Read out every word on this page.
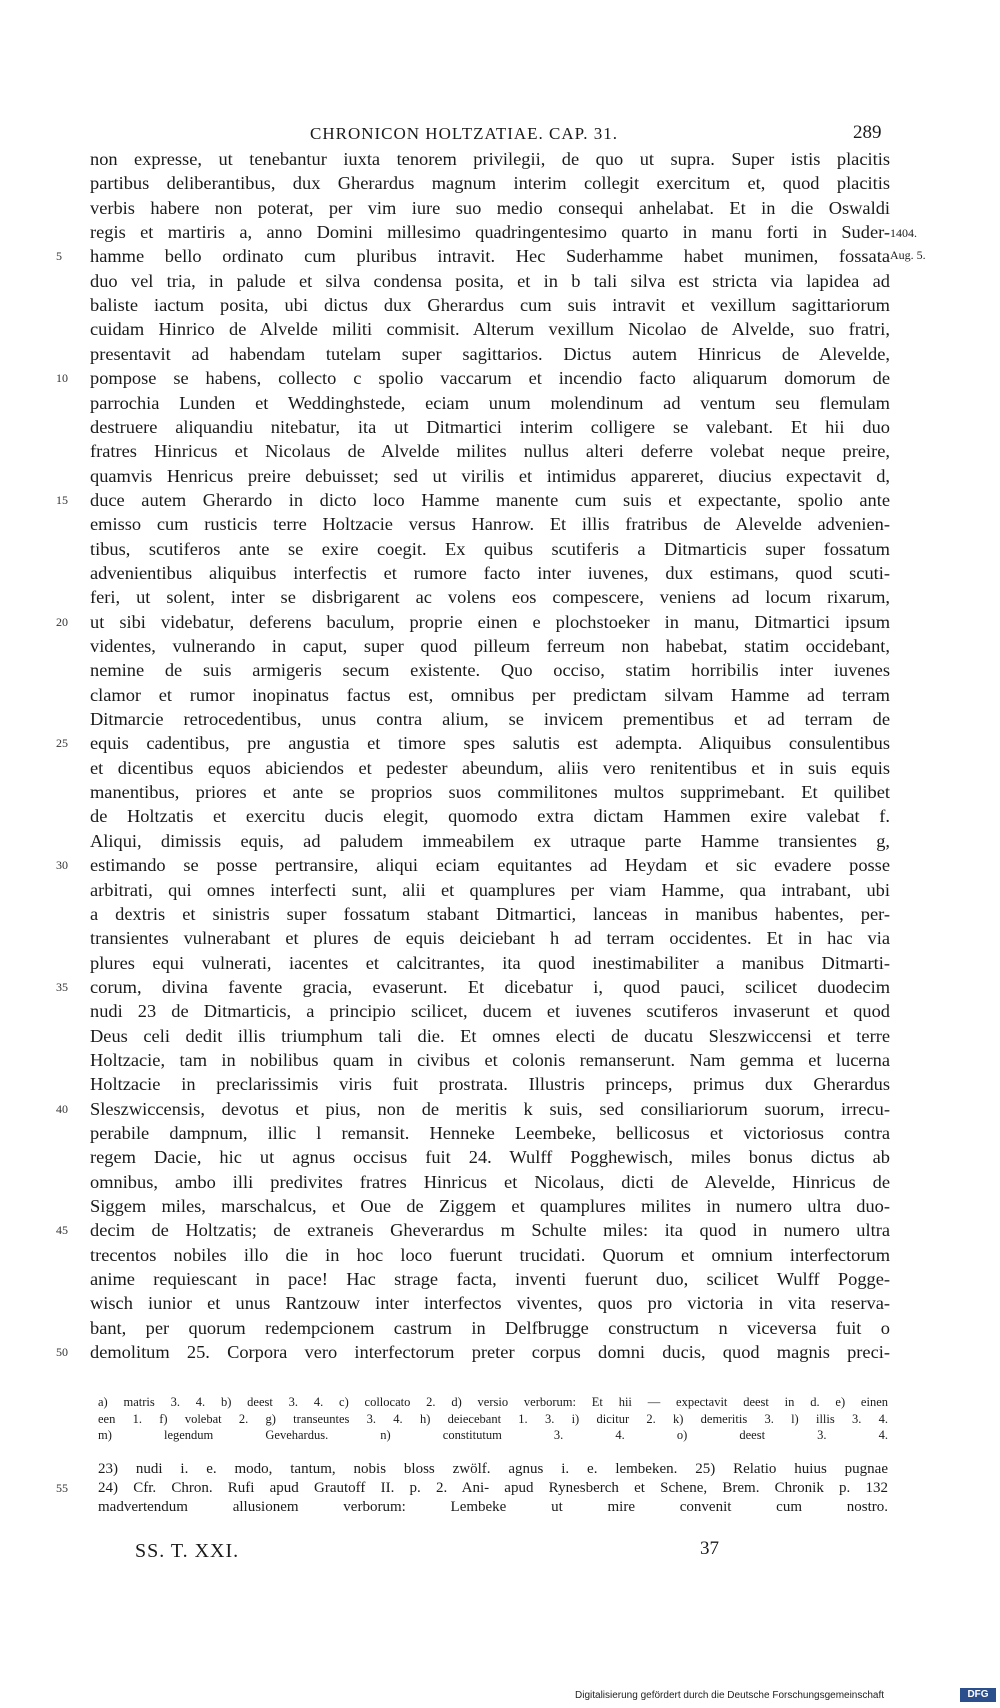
CHRONICON HOLTZATIAE. CAP. 31.	289
non expresse, ut tenebantur iuxta tenorem privilegii, de quo ut supra. Super istis placitis
partibus deliberantibus, dux Gherardus magnum interim collegit exercitum et, quod placitis
verbis habere non poterat, per vim iure suo medio consequi anhelabat. Et in die Oswaldi
regis et martiris a, anno Domini millesimo quadringentesimo quarto in manu forti in Suder-
hamme bello ordinato cum pluribus intravit. Hec Suderhamme habet munimen, fossata
duo vel tria, in palude et silva condensa posita, et in b tali silva est stricta via lapidea ad
baliste iactum posita, ubi dictus dux Gherardus cum suis intravit et vexillum sagittariorum
cuidam Hinrico de Alvelde militi commisit. Alterum vexillum Nicolao de Alvelde, suo fratri,
presentavit ad habendam tutelam super sagittarios. Dictus autem Hinricus de Alevelde,
pompose se habens, collecto c spolio vaccarum et incendio facto aliquarum domorum de
parrochia Lunden et Weddinghstede, eciam unum molendinum ad ventum seu flemulam
destruere aliquandiu nitebatur, ita ut Ditmartici interim colligere se valebant. Et hii duo
fratres Hinricus et Nicolaus de Alvelde milites nullus alteri deferre volebat neque preire,
quamvis Henricus preire debuisset; sed ut virilis et intimidus appareret, diucius expectavit d,
duce autem Gherardo in dicto loco Hamme manente cum suis et expectante, spolio ante
emisso cum rusticis terre Holtzacie versus Hanrow. Et illis fratribus de Alevelde advenien-
tibus, scutiferos ante se exire coegit. Ex quibus scutiferis a Ditmarticis super fossatum
advenientibus aliquibus interfectis et rumore facto inter iuvenes, dux estimans, quod scuti-
feri, ut solent, inter se disbrigarent ac volens eos compescere, veniens ad locum rixarum,
ut sibi videbatur, deferens baculum, proprie einen e plochstoeker in manu, Ditmartici ipsum
videntes, vulnerando in caput, super quod pilleum ferreum non habebat, statim occidebant,
nemine de suis armigeris secum existente. Quo occiso, statim horribilis inter iuvenes
clamor et rumor inopinatus factus est, omnibus per predictam silvam Hamme ad terram
Ditmarcie retrocedentibus, unus contra alium, se invicem prementibus et ad terram de
equis cadentibus, pre angustia et timore spes salutis est adempta. Aliquibus consulentibus
et dicentibus equos abiciendos et pedester abeundum, aliis vero renitentibus et in suis equis
manentibus, priores et ante se proprios suos commilitones multos supprimebant. Et quilibet
de Holtzatis et exercitu ducis elegit, quomodo extra dictam Hammen exire valebat f.
Aliqui, dimissis equis, ad paludem immeabilem ex utraque parte Hamme transientes g,
estimando se posse pertransire, aliqui eciam equitantes ad Heydam et sic evadere posse
arbitrati, qui omnes interfecti sunt, alii et quamplures per viam Hamme, qua intrabant, ubi
a dextris et sinistris super fossatum stabant Ditmartici, lanceas in manibus habentes, per-
transientes vulnerabant et plures de equis deiciebant h ad terram occidentes. Et in hac via
plures equi vulnerati, iacentes et calcitrantes, ita quod inestimabiliter a manibus Ditmarti-
corum, divina favente gracia, evaserunt. Et dicebatur i, quod pauci, scilicet duodecim
nudi 23 de Ditmarticis, a principio scilicet, ducem et iuvenes scutiferos invaserunt et quod
Deus celi dedit illis triumphum tali die. Et omnes electi de ducatu Sleszwiccensi et terre
Holtzacie, tam in nobilibus quam in civibus et colonis remanserunt. Nam gemma et lucerna
Holtzacie in preclarissimis viris fuit prostrata. Illustris princeps, primus dux Gherardus
Sleszwiccensis, devotus et pius, non de meritis k suis, sed consiliariorum suorum, irrecu-
perabile dampnum, illic l remansit. Henneke Leembeke, bellicosus et victoriosus contra
regem Dacie, hic ut agnus occisus fuit 24. Wulff Pogghewisch, miles bonus dictus ab
omnibus, ambo illi predivites fratres Hinricus et Nicolaus, dicti de Alevelde, Hinricus de
Siggem miles, marschalcus, et Oue de Ziggem et quamplures milites in numero ultra duo-
decim de Holtzatis; de extraneis Gheverardus m Schulte miles: ita quod in numero ultra
trecentos nobiles illo die in hoc loco fuerunt trucidati. Quorum et omnium interfectorum
anime requiescant in pace! Hac strage facta, inventi fuerunt duo, scilicet Wulff Pogge-
wisch iunior et unus Rantzouw inter interfectos viventes, quos pro victoria in vita reserva-
bant, per quorum redempcionem castrum in Delfbrugge constructum n viceversa fuit o
demolitum 25. Corpora vero interfectorum preter corpus domni ducis, quod magnis preci-
5
10
15
20
25
30
35
40
45
50
1404.
Aug. 5.
a) matris 3. 4. b) deest 3. 4. c) collocato 2. d) versio verborum: Et hii — expectavit deest in d. e) einen
een 1. f) volebat 2. g) transeuntes 3. 4. h) deiecebant 1. 3. i) dicitur 2. k) demeritis 3. l) illis 3. 4.
m) legendum Gevehardus. n) constitutum 3. 4. o) deest 3. 4.
23) nudi i. e. modo, tantum, nobis bloss zwölf. agnus i. e. lembeken. 25) Relatio huius pugnae
24) Cfr. Chron. Rufi apud Grautoff II. p. 2. Ani- apud Rynesberch et Schene, Brem. Chronik p. 132
madvertendum allusionem verborum: Lembeke ut mire convenit cum nostro.
55
SS. T. XXI.	37
Digitalisierung gefördert durch die Deutsche Forschungsgemeinschaft	DFG
